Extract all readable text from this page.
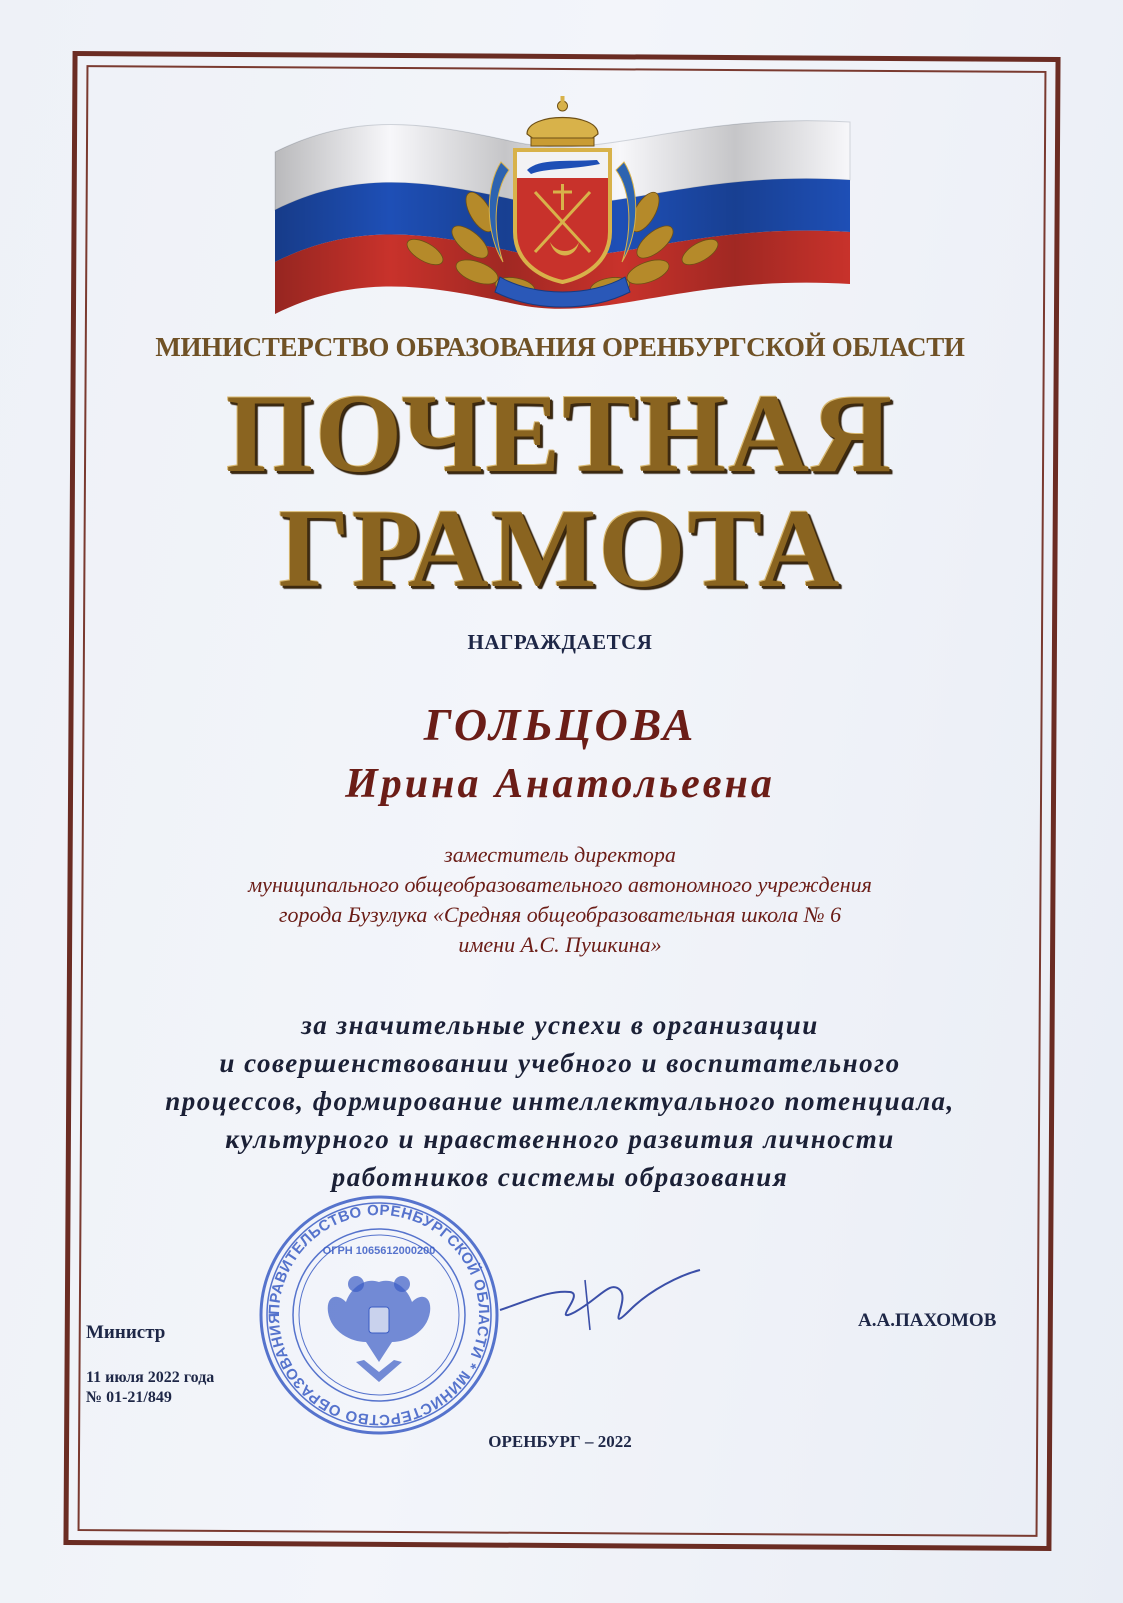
МИНИСТЕРСТВО ОБРАЗОВАНИЯ ОРЕНБУРГСКОЙ ОБЛАСТИ
ПОЧЕТНАЯ
ГРАМОТА
НАГРАЖДАЕТСЯ
ГОЛЬЦОВА
Ирина Анатольевна
заместитель директора
муниципального общеобразовательного автономного учреждения
города Бузулука «Средняя общеобразовательная школа № 6
имени А.С. Пушкина»
за значительные успехи в организации
и совершенствовании учебного и воспитательного
процессов, формирование интеллектуального потенциала,
культурного и нравственного развития личности
работников системы образования
Министр
А.А.ПАХОМОВ
11 июля 2022 года
№ 01-21/849
ОРЕНБУРГ – 2022
ПРАВИТЕЛЬСТВО ОРЕНБУРГСКОЙ ОБЛАСТИ * МИНИСТЕРСТВО ОБРАЗОВАНИЯ
ОГРН 1065612000200
